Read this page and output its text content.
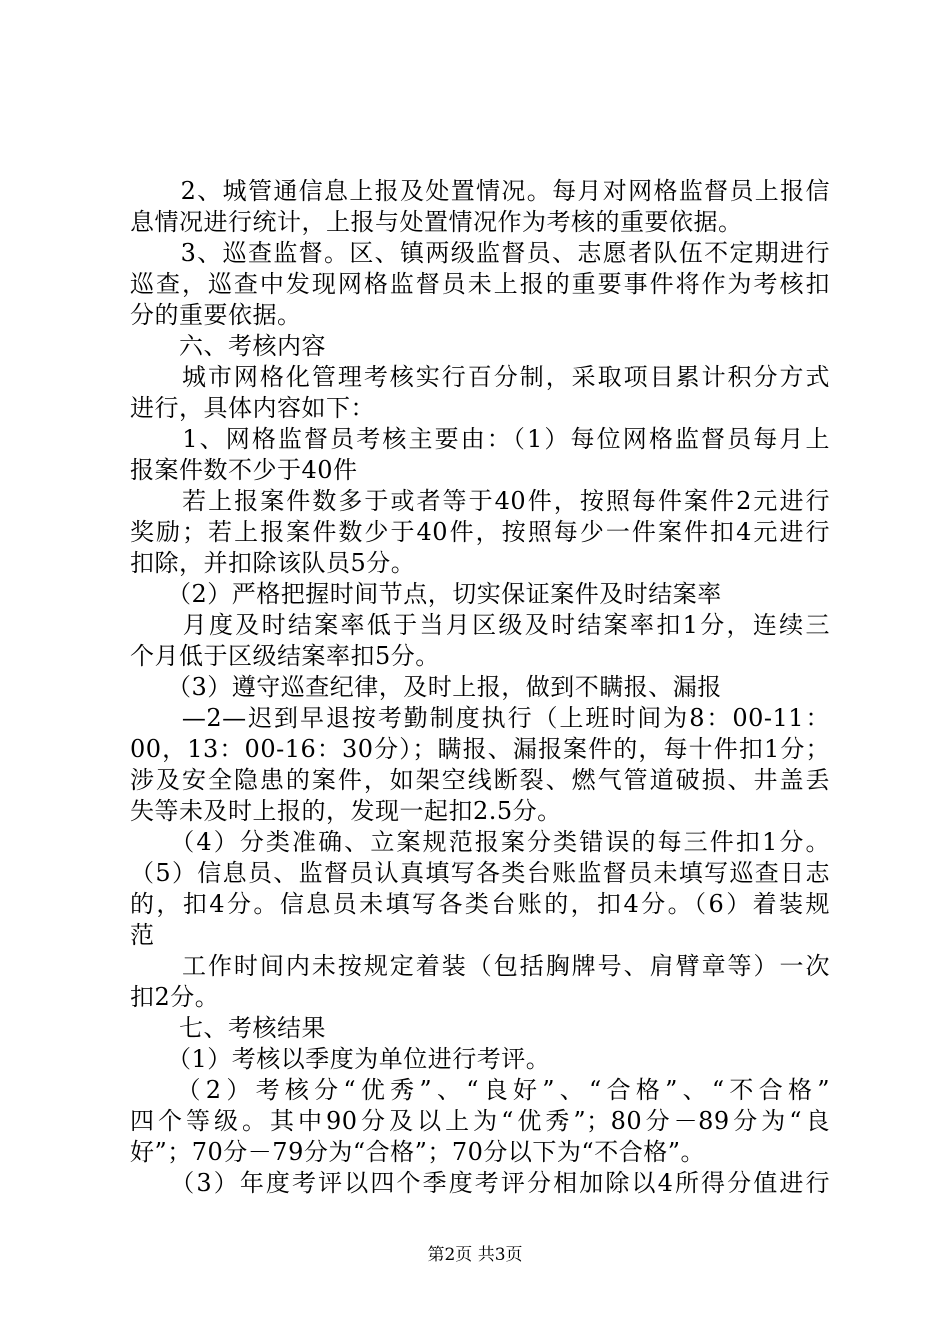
　　2、城管通信息上报及处置情况。每月对网格监督员上报信
息情况进行统计，上报与处置情况作为考核的重要依据。
　　3、巡查监督。区、镇两级监督员、志愿者队伍不定期进行
巡查，巡查中发现网格监督员未上报的重要事件将作为考核扣
分的重要依据。
　　六、考核内容
　　城市网格化管理考核实行百分制，采取项目累计积分方式
进行，具体内容如下：
　　1、网格监督员考核主要由：（1）每位网格监督员每月上
报案件数不少于40件
　　若上报案件数多于或者等于40件，按照每件案件2元进行
奖励；若上报案件数少于40件，按照每少一件案件扣4元进行
扣除，并扣除该队员5分。
　　（2）严格把握时间节点，切实保证案件及时结案率
　　月度及时结案率低于当月区级及时结案率扣1分，连续三
个月低于区级结案率扣5分。
　　（3）遵守巡查纪律，及时上报，做到不瞒报、漏报
　　—2—迟到早退按考勤制度执行（上班时间为8：00-11：
00，13：00-16：30分）；瞒报、漏报案件的，每十件扣1分；
涉及安全隐患的案件，如架空线断裂、燃气管道破损、井盖丢
失等未及时上报的，发现一起扣2.5分。
　　（4）分类准确、立案规范报案分类错误的每三件扣1分。
（5）信息员、监督员认真填写各类台账监督员未填写巡查日志
的，扣4分。信息员未填写各类台账的，扣4分。（6）着装规
范
　　工作时间内未按规定着装（包括胸牌号、肩臂章等）一次
扣2分。
　　七、考核结果
　　（1）考核以季度为单位进行考评。
　　（2）考核分“优秀”、“良好”、“合格”、“不合格”
四个等级。其中90分及以上为“优秀”；80分－89分为“良
好”；70分－79分为“合格”；70分以下为“不合格”。
　　（3）年度考评以四个季度考评分相加除以4所得分值进行
第2页 共3页
